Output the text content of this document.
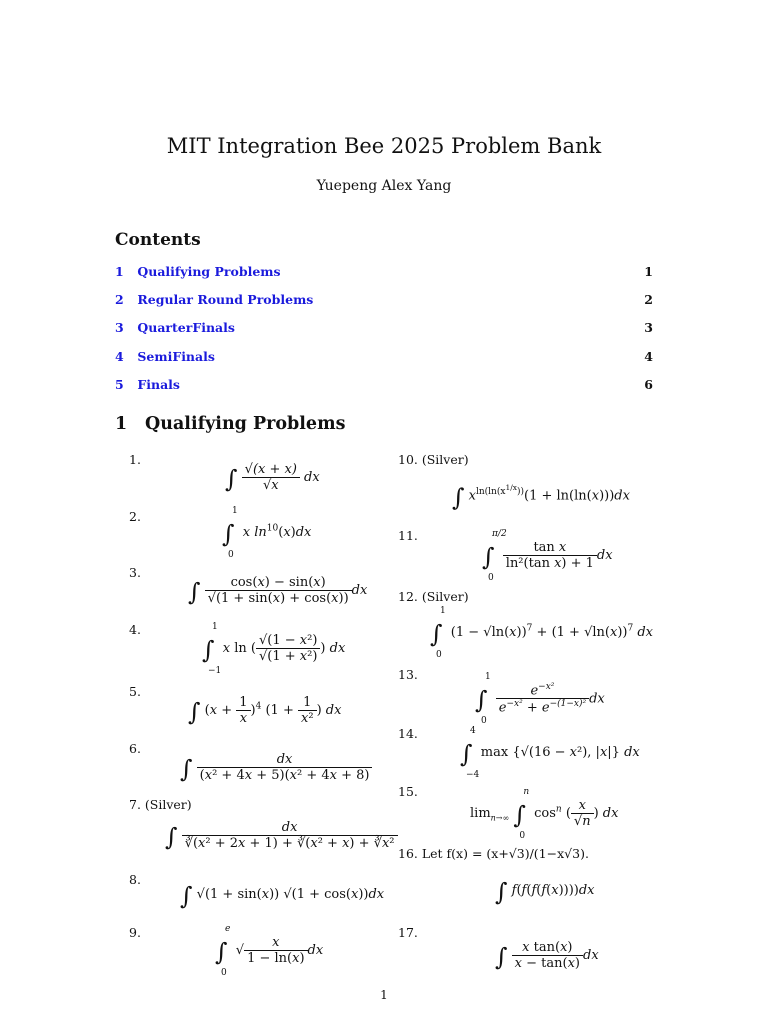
MIT Integration Bee 2025 Problem Bank
Yuepeng Alex Yang
Contents
1 Qualifying Problems	1
2 Regular Round Problems	2
3 QuarterFinals	3
4 SemiFinals	4
5 Finals	6
1 Qualifying Problems
1.
2.
3.
4.
5.
6.
7. (Silver)
8.
9.
10. (Silver)
11.
12. (Silver)
13.
14.
15.
16. Let f(x) = (x+√3)/(1−x√3).
17.
∫ $\frac{√(x + x)}{√x}$ dx
∫
1
0
x $\ln^{10}(x)dx$
∫ $\frac{\cos(x) - \sin(x)}{√(1 + \sin(x) + \cos(x))}$ dx
∫
1
−1
x ln ( $\frac{\text{√(1 − x²)}}{\text{√(1 + x²)}}$ ) dx
∫ $(x + \frac{1}{x} )^4$ ($1 + \frac{1}{\text{x²}}$ ) dx
∫ $\frac{dx}{\text{(x² + 4x + 5)(x² + 4x + 8)}}$
∫ $\frac{dx}{\text{∛(x² + 2x + 1) + ∛(x² + x) + ∛x²}}$
∫ √(1 + sin(x)) √(1 + cos(x))dx
∫
e
0
√ $\frac{x}{1 - \ln(x)}$ dx
∫ $x^{ln(ln(x^{1/x}))}(1 + \ln(\ln(x)))dx$
∫
π/2
0

$\frac{\text{tan x}}{\text{ln²(tan x) + 1}}$ dx
∫
1
0
$(1 - √\ln(x))^7 + (1 + √\ln(x))^7$ dx
∫
1
0

$\frac{e^{-x^2}}{e^{-x^2} + e^{-(1-x)^2}}$ dx
∫
4
−4
max {√(16 − x²), |x|} dx
$\lim_{n\to\infty}$ ∫
n
0
$\cos^n$ ( $\frac{x}{√n}$ ) dx
∫ f(f(f(f(x))))dx
∫ $\frac{\text{x tan(x)}}{x - \tan(x)}$ dx
1
